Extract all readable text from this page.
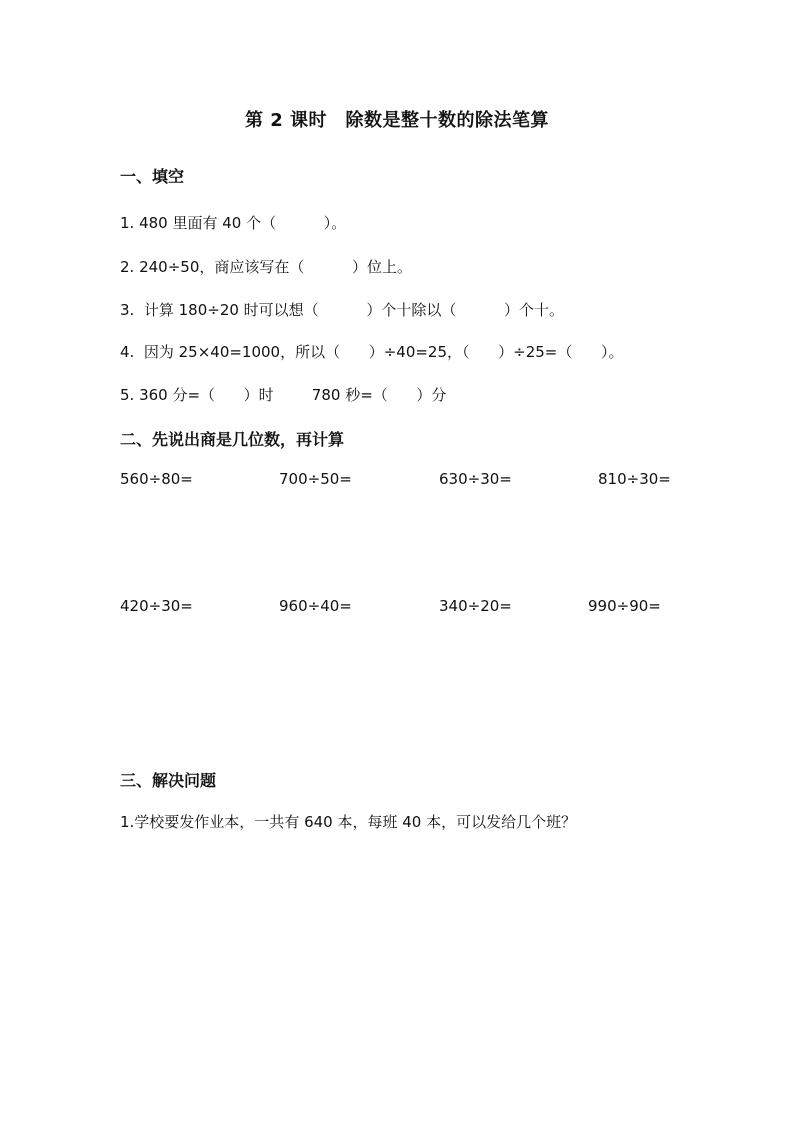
第 2 课时　除数是整十数的除法笔算
一、填空
1. 480 里面有 40 个（          ）。
2. 240÷50，商应该写在（          ）位上。
3.  计算 180÷20 时可以想（          ）个十除以（          ）个十。
4.  因为 25×40=1000，所以（      ）÷40=25，（      ）÷25=（      ）。
5. 360 分=（      ）时        780 秒=（      ）分
二、先说出商是几位数，再计算
560÷80=	700÷50=	630÷30=	810÷30=
420÷30=	960÷40=	340÷20=	990÷90=
三、解决问题
1.学校要发作业本，一共有 640 本，每班 40 本，可以发给几个班？
